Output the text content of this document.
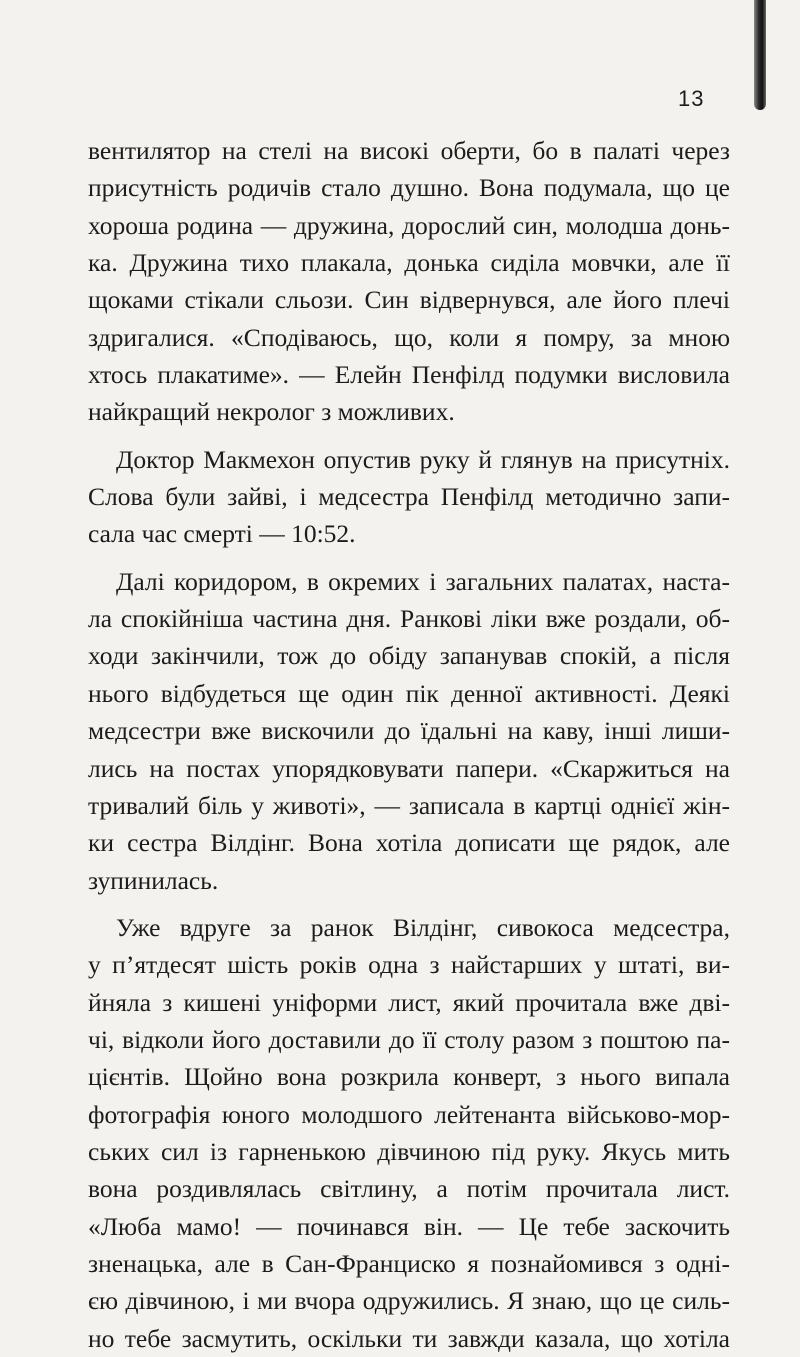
13
вентилятор на стелі на високі оберти, бо в палаті через
присутність родичів стало душно. Вона подумала, що це
хороша родина — дружина, дорослий син, молодша донь-
ка. Дружина тихо плакала, донька сиділа мовчки, але її
щоками стікали сльози. Син відвернувся, але його плечі
здригалися. «Сподіваюсь, що, коли я помру, за мною
хтось плакатиме». — Елейн Пенфілд подумки висловила
найкращий некролог з можливих.
Доктор Макмехон опустив руку й глянув на присутніх.
Слова були зайві, і медсестра Пенфілд методично запи-
сала час смерті — 10:52.
Далі коридором, в окремих і загальних палатах, наста-
ла спокійніша частина дня. Ранкові ліки вже роздали, об-
ходи закінчили, тож до обіду запанував спокій, а після
нього відбудеться ще один пік денної активності. Деякі
медсестри вже вискочили до їдальні на каву, інші лиши-
лись на постах упорядковувати папери. «Скаржиться на
тривалий біль у животі», — записала в картці однієї жін-
ки сестра Вілдінг. Вона хотіла дописати ще рядок, але
зупинилась.
Уже вдруге за ранок Вілдінг, сивокоса медсестра,
у п’ятдесят шість років одна з найстарших у штаті, ви-
йняла з кишені уніформи лист, який прочитала вже дві-
чі, відколи його доставили до її столу разом з поштою па-
цієнтів. Щойно вона розкрила конверт, з нього випала
фотографія юного молодшого лейтенанта військово-мор-
ських сил із гарненькою дівчиною під руку. Якусь мить
вона роздивлялась світлину, а потім прочитала лист.
«Люба мамо! — починався він. — Це тебе заскочить
зненацька, але в Сан-Франциско я познайомився з одні-
єю дівчиною, і ми вчора одружились. Я знаю, що це силь-
но тебе засмутить, оскільки ти завжди казала, що хотіла
